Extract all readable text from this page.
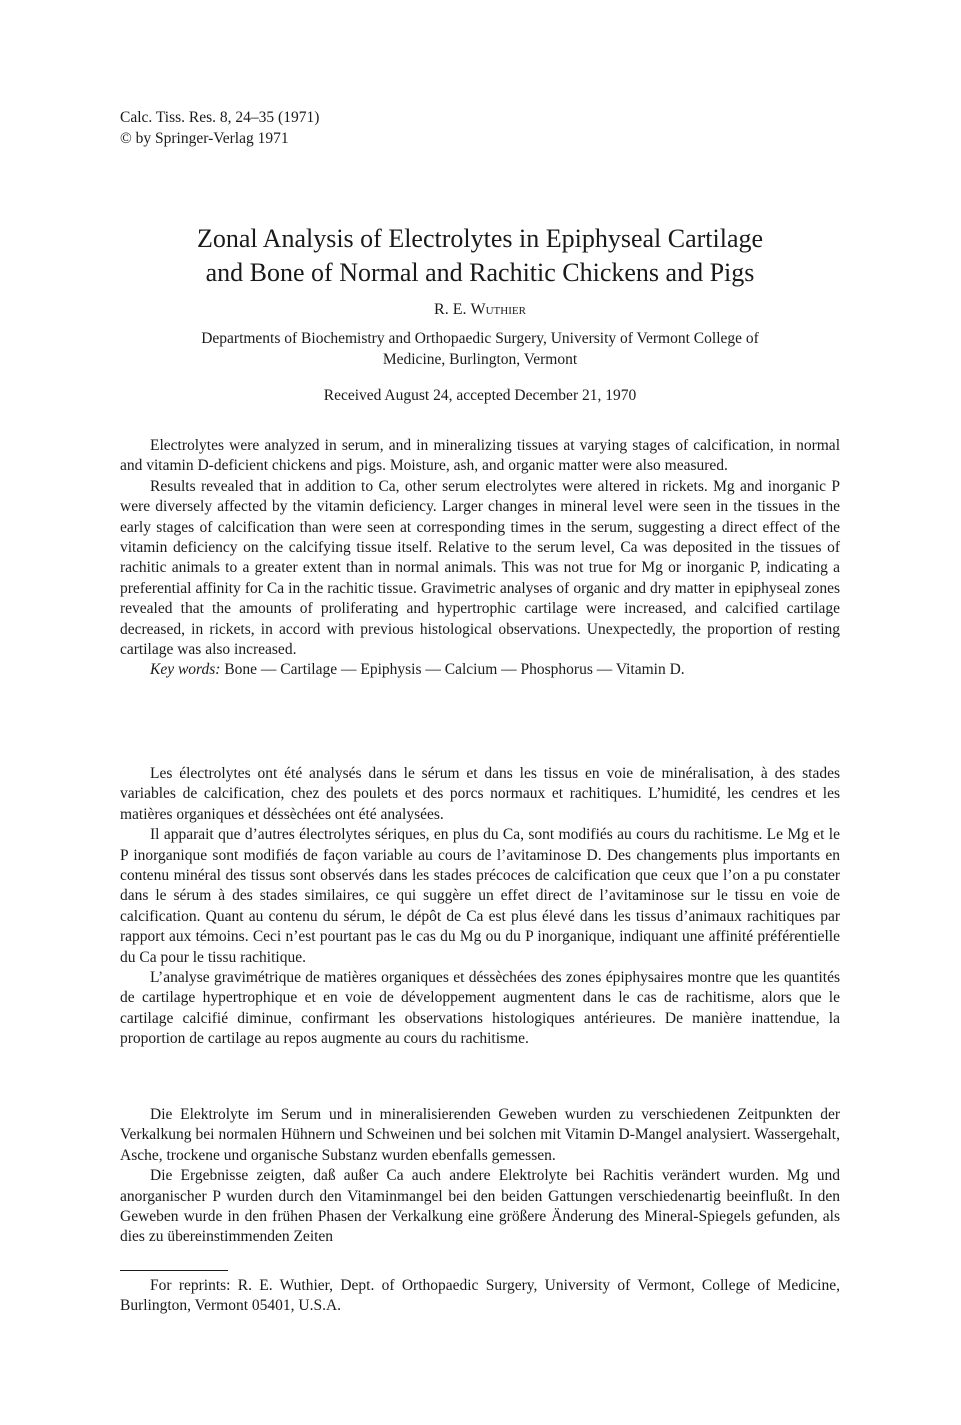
Calc. Tiss. Res. 8, 24–35 (1971)
© by Springer-Verlag 1971
Zonal Analysis of Electrolytes in Epiphyseal Cartilage
and Bone of Normal and Rachitic Chickens and Pigs
R. E. Wuthier
Departments of Biochemistry and Orthopaedic Surgery, University of Vermont College of
Medicine, Burlington, Vermont
Received August 24, accepted December 21, 1970

Electrolytes were analyzed in serum, and in mineralizing tissues at varying stages of calcification, in normal and vitamin D-deficient chickens and pigs. Moisture, ash, and organic matter were also measured.

Results revealed that in addition to Ca, other serum electrolytes were altered in rickets. Mg and inorganic P were diversely affected by the vitamin deficiency. Larger changes in mineral level were seen in the tissues in the early stages of calcification than were seen at corresponding times in the serum, suggesting a direct effect of the vitamin deficiency on the calcifying tissue itself. Relative to the serum level, Ca was deposited in the tissues of rachitic animals to a greater extent than in normal animals. This was not true for Mg or inorganic P, indicating a preferential affinity for Ca in the rachitic tissue. Gravimetric analyses of organic and dry matter in epiphyseal zones revealed that the amounts of proliferating and hypertrophic cartilage were increased, and calcified cartilage decreased, in rickets, in accord with previous histological observations. Unexpectedly, the proportion of resting cartilage was also increased.

Key words: Bone — Cartilage — Epiphysis — Calcium — Phosphorus — Vitamin D.

Les électrolytes ont été analysés dans le sérum et dans les tissus en voie de minéralisation, à des stades variables de calcification, chez des poulets et des porcs normaux et rachitiques. L’humidité, les cendres et les matières organiques et déssèchées ont été analysées.

Il apparait que d’autres électrolytes sériques, en plus du Ca, sont modifiés au cours du rachitisme. Le Mg et le P inorganique sont modifiés de façon variable au cours de l’avitaminose D. Des changements plus importants en contenu minéral des tissus sont observés dans les stades précoces de calcification que ceux que l’on a pu constater dans le sérum à des stades similaires, ce qui suggère un effet direct de l’avitaminose sur le tissu en voie de calcification. Quant au contenu du sérum, le dépôt de Ca est plus élevé dans les tissus d’animaux rachitiques par rapport aux témoins. Ceci n’est pourtant pas le cas du Mg ou du P inorganique, indiquant une affinité préférentielle du Ca pour le tissu rachitique.

L’analyse gravimétrique de matières organiques et déssèchées des zones épiphysaires montre que les quantités de cartilage hypertrophique et en voie de développement augmentent dans le cas de rachitisme, alors que le cartilage calcifié diminue, confirmant les observations histologiques antérieures. De manière inattendue, la proportion de cartilage au repos augmente au cours du rachitisme.

Die Elektrolyte im Serum und in mineralisierenden Geweben wurden zu verschiedenen Zeitpunkten der Verkalkung bei normalen Hühnern und Schweinen und bei solchen mit Vitamin D-Mangel analysiert. Wassergehalt, Asche, trockene und organische Substanz wurden ebenfalls gemessen.

Die Ergebnisse zeigten, daß außer Ca auch andere Elektrolyte bei Rachitis verändert wurden. Mg und anorganischer P wurden durch den Vitaminmangel bei den beiden Gattungen verschiedenartig beeinflußt. In den Geweben wurde in den frühen Phasen der Verkalkung eine größere Änderung des Mineral-Spiegels gefunden, als dies zu übereinstimmenden Zeiten

For reprints: R. E. Wuthier, Dept. of Orthopaedic Surgery, University of Vermont, College of Medicine, Burlington, Vermont 05401, U.S.A.
